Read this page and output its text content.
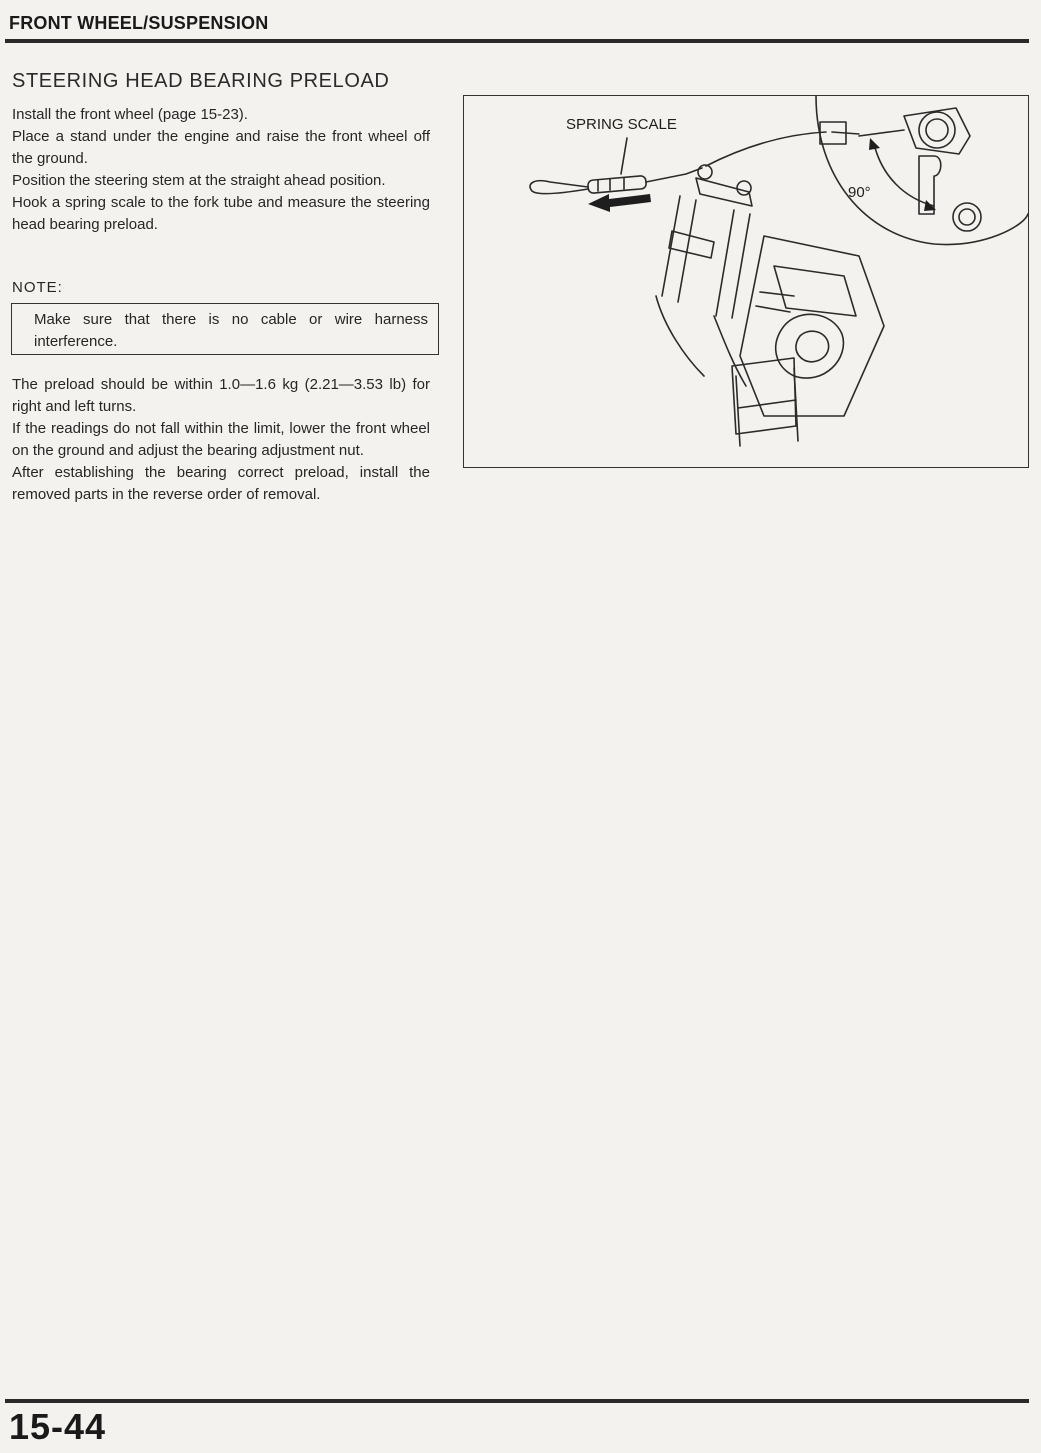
FRONT WHEEL/SUSPENSION
STEERING HEAD BEARING PRELOAD

Install the front wheel (page 15-23).

Place a stand under the engine and raise the front wheel off the ground.

Position the steering stem at the straight ahead position.

Hook a spring scale to the fork tube and measure the steering head bearing preload.

NOTE:
Make sure that there is no cable or wire harness interference.

The preload should be within 1.0—1.6 kg (2.21—3.53 lb) for right and left turns.

If the readings do not fall within the limit, lower the front wheel on the ground and adjust the bearing adjustment nut.

After establishing the bearing correct preload, install the removed parts in the reverse order of removal.

SPRING SCALE
90°
15-44
